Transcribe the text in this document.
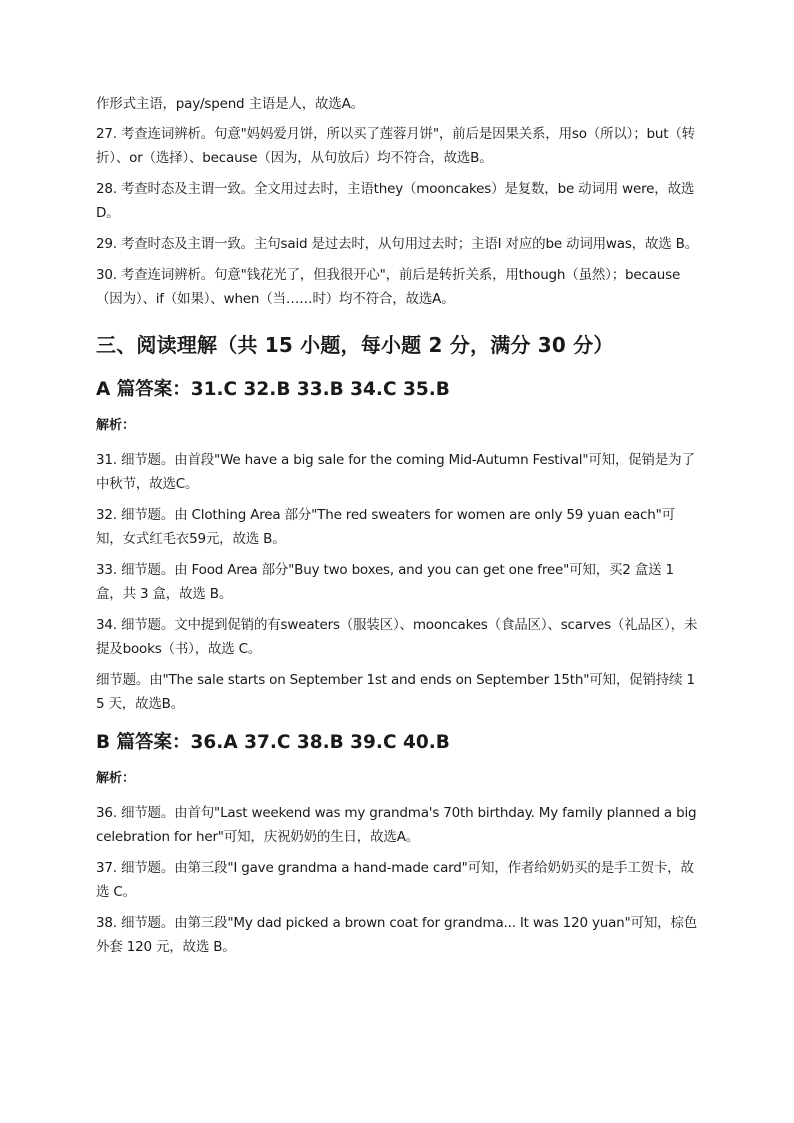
作形式主语，pay/spend 主语是人，故选A。

27. 考查连词辨析。句意"妈妈爱月饼，所以买了莲蓉月饼"，前后是因果关系，用so（所以）；but（转折）、or（选择）、because（因为，从句放后）均不符合，故选B。

28. 考查时态及主谓一致。全文用过去时，主语they（mooncakes）是复数，be 动词用 were，故选 D。

29. 考查时态及主谓一致。主句said 是过去时，从句用过去时；主语I 对应的be 动词用was，故选 B。

30. 考查连词辨析。句意"钱花光了，但我很开心"，前后是转折关系，用though（虽然）；because（因为）、if（如果）、when（当……时）均不符合，故选A。

三、阅读理解（共 15 小题，每小题 2 分，满分 30 分）
A 篇答案：31.C 32.B 33.B 34.C 35.B
解析：

31. 细节题。由首段"We have a big sale for the coming Mid-Autumn Festival"可知，促销是为了中秋节，故选C。

32. 细节题。由 Clothing Area 部分"The red sweaters for women are only 59 yuan each"可知，女式红毛衣59元，故选 B。

33. 细节题。由 Food Area 部分"Buy two boxes, and you can get one free"可知，买2 盒送 1 盒，共 3 盒，故选 B。

34. 细节题。文中提到促销的有sweaters（服装区）、mooncakes（食品区）、scarves（礼品区），未提及books（书），故选 C。

细节题。由"The sale starts on September 1st and ends on September 15th"可知，促销持续 15 天，故选B。

B 篇答案：36.A 37.C 38.B 39.C 40.B
解析：

36. 细节题。由首句"Last weekend was my grandma's 70th birthday. My family planned a big celebration for her"可知，庆祝奶奶的生日，故选A。

37. 细节题。由第三段"I gave grandma a hand-made card"可知，作者给奶奶买的是手工贺卡，故选 C。

38. 细节题。由第三段"My dad picked a brown coat for grandma... It was 120 yuan"可知，棕色外套 120 元，故选 B。
